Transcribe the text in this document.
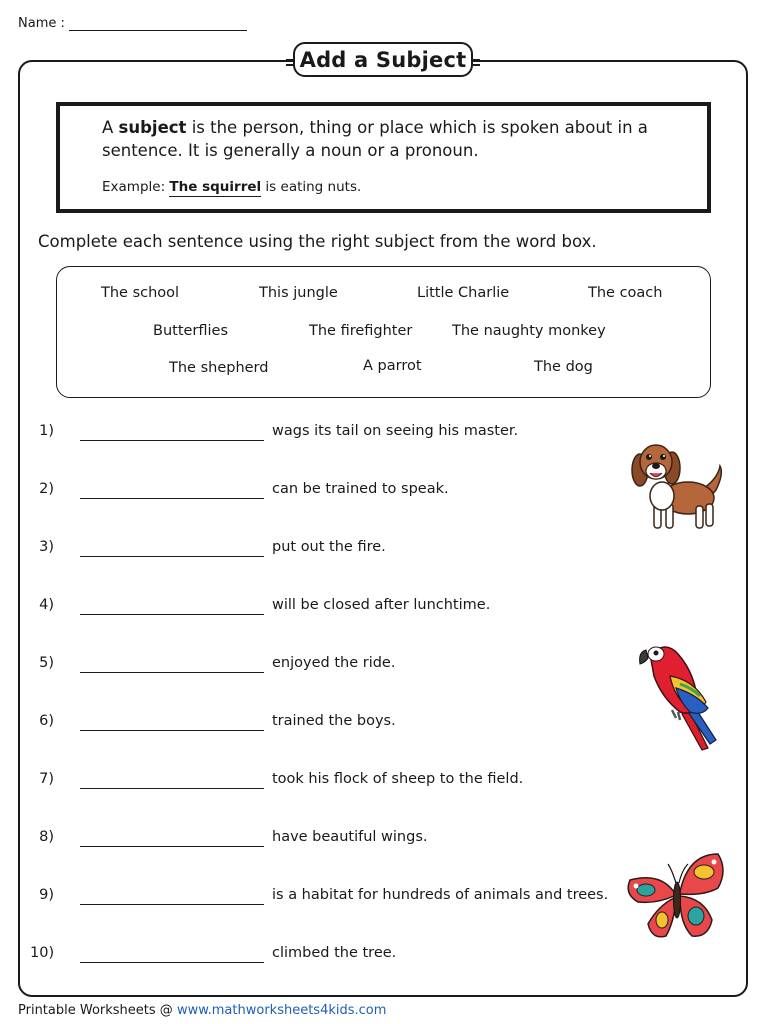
Name :
Add a Subject
A subject is the person, thing or place which is spoken about in a sentence. It is generally a noun or a pronoun.
Example: The squirrel is eating nuts.
Complete each sentence using the right subject from the word box.
The school	This jungle	Little Charlie	The coach
Butterflies	The firefighter	The naughty monkey
The shepherd	A parrot	The dog
1)	wags its tail on seeing his master.
2)	can be trained to speak.
3)	put out the fire.
4)	will be closed after lunchtime.
5)	enjoyed the ride.
6)	trained the boys.
7)	took his flock of sheep to the field.
8)	have beautiful wings.
9)	is a habitat for hundreds of animals and trees.
10)	climbed the tree.
Printable Worksheets @ www.mathworksheets4kids.com
